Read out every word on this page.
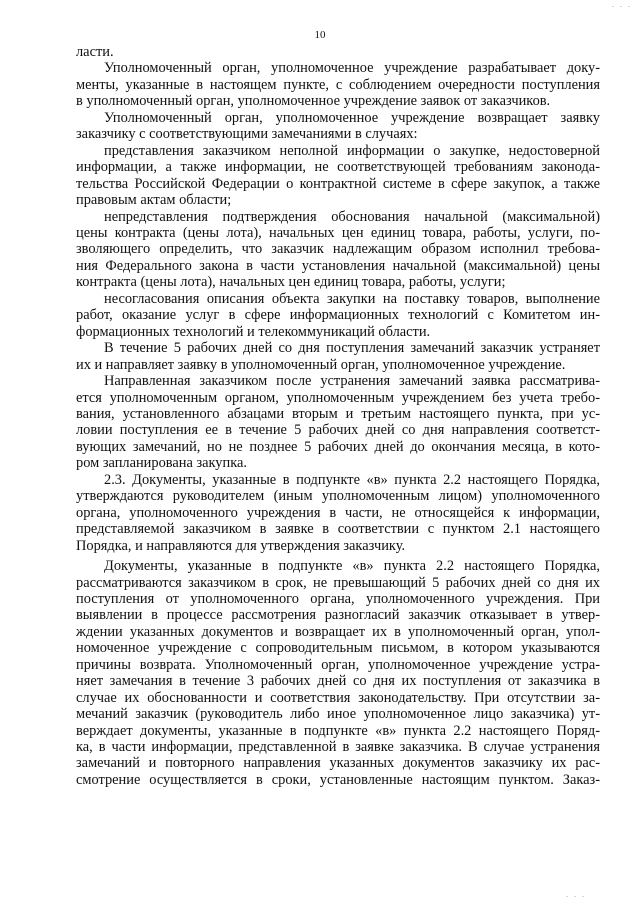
. . .
10

ласти.

Уполномоченный орган, уполномоченное учреждение разрабатывает доку-
менты, указанные в настоящем пункте, с соблюдением очередности поступления
в уполномоченный орган, уполномоченное учреждение заявок от заказчиков.

Уполномоченный орган, уполномоченное учреждение возвращает заявку
заказчику с соответствующими замечаниями в случаях:

представления заказчиком неполной информации о закупке, недостоверной
информации, а также информации, не соответствующей требованиям законода-
тельства Российской Федерации о контрактной системе в сфере закупок, а также
правовым актам области;

непредставления подтверждения обоснования начальной (максимальной)
цены контракта (цены лота), начальных цен единиц товара, работы, услуги, по-
зволяющего определить, что заказчик надлежащим образом исполнил требова-
ния Федерального закона в части установления начальной (максимальной) цены
контракта (цены лота), начальных цен единиц товара, работы, услуги;

несогласования описания объекта закупки на поставку товаров, выполнение
работ, оказание услуг в сфере информационных технологий с Комитетом ин-
формационных технологий и телекоммуникаций области.

В течение 5 рабочих дней со дня поступления замечаний заказчик устраняет
их и направляет заявку в уполномоченный орган, уполномоченное учреждение.

Направленная заказчиком после устранения замечаний заявка рассматрива-
ется уполномоченным органом, уполномоченным учреждением без учета требо-
вания, установленного абзацами вторым и третьим настоящего пункта, при ус-
ловии поступления ее в течение 5 рабочих дней со дня направления соответст-
вующих замечаний, но не позднее 5 рабочих дней до окончания месяца, в кото-
ром запланирована закупка.

2.3. Документы, указанные в подпункте «в» пункта 2.2 настоящего Порядка,
утверждаются руководителем (иным уполномоченным лицом) уполномоченного
органа, уполномоченного учреждения в части, не относящейся к информации,
представляемой заказчиком в заявке в соответствии с пунктом 2.1 настоящего
Порядка, и направляются для утверждения заказчику.

Документы, указанные в подпункте «в» пункта 2.2 настоящего Порядка,
рассматриваются заказчиком в срок, не превышающий 5 рабочих дней со дня их
поступления от уполномоченного органа, уполномоченного учреждения. При
выявлении в процессе рассмотрения разногласий заказчик отказывает в утвер-
ждении указанных документов и возвращает их в уполномоченный орган, упол-
номоченное учреждение с сопроводительным письмом, в котором указываются
причины возврата. Уполномоченный орган, уполномоченное учреждение устра-
няет замечания в течение 3 рабочих дней со дня их поступления от заказчика в
случае их обоснованности и соответствия законодательству. При отсутствии за-
мечаний заказчик (руководитель либо иное уполномоченное лицо заказчика) ут-
верждает документы, указанные в подпункте «в» пункта 2.2 настоящего Поряд-
ка, в части информации, представленной в заявке заказчика. В случае устранения
замечаний и повторного направления указанных документов заказчику их рас-
смотрение осуществляется в сроки, установленные настоящим пунктом. Заказ-

. . .
